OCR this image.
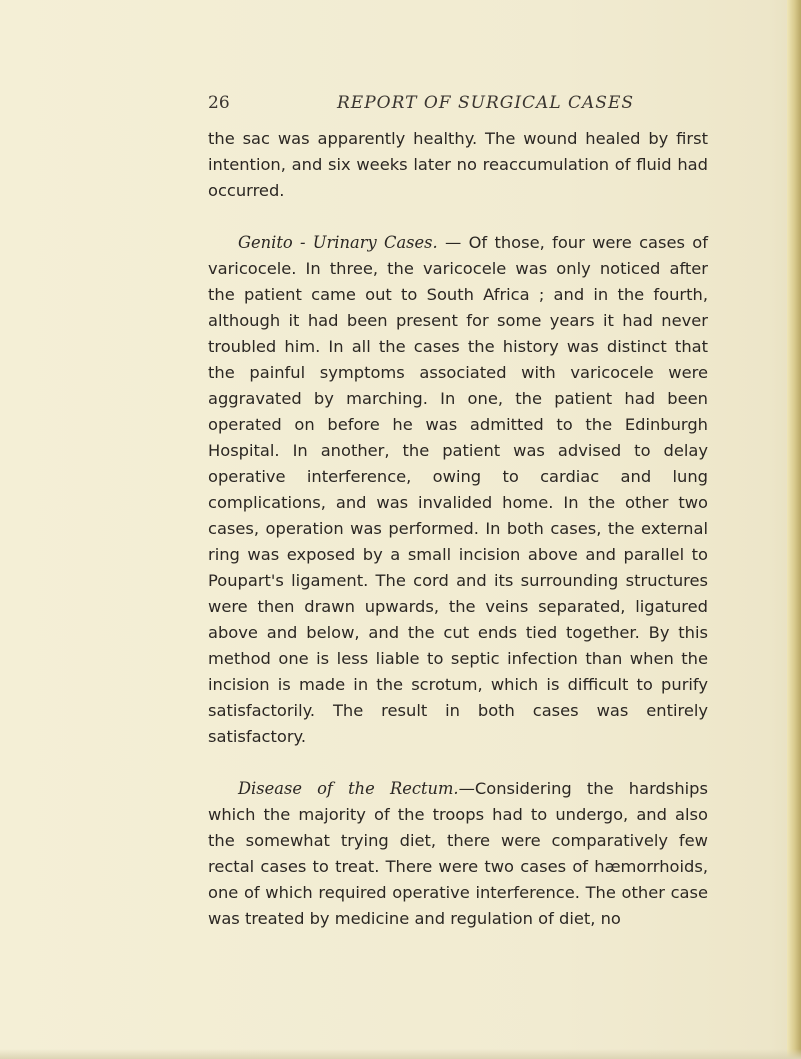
26	REPORT OF SURGICAL CASES

the sac was apparently healthy. The wound healed by first intention, and six weeks later no reaccumulation of fluid had occurred.

Genito - Urinary Cases. — Of those, four were cases of varicocele. In three, the varicocele was only noticed after the patient came out to South Africa ; and in the fourth, although it had been present for some years it had never troubled him. In all the cases the history was distinct that the painful symptoms associated with varicocele were aggravated by marching. In one, the patient had been operated on before he was admitted to the Edinburgh Hospital. In another, the patient was advised to delay operative interference, owing to cardiac and lung complications, and was invalided home. In the other two cases, operation was performed. In both cases, the external ring was exposed by a small incision above and parallel to Poupart's ligament. The cord and its surrounding structures were then drawn upwards, the veins separated, ligatured above and below, and the cut ends tied together. By this method one is less liable to septic infection than when the incision is made in the scrotum, which is difficult to purify satisfactorily. The result in both cases was entirely satisfactory.

Disease of the Rectum.—Considering the hardships which the majority of the troops had to undergo, and also the somewhat trying diet, there were comparatively few rectal cases to treat. There were two cases of hæmorrhoids, one of which required operative interference. The other case was treated by medicine and regulation of diet, no
